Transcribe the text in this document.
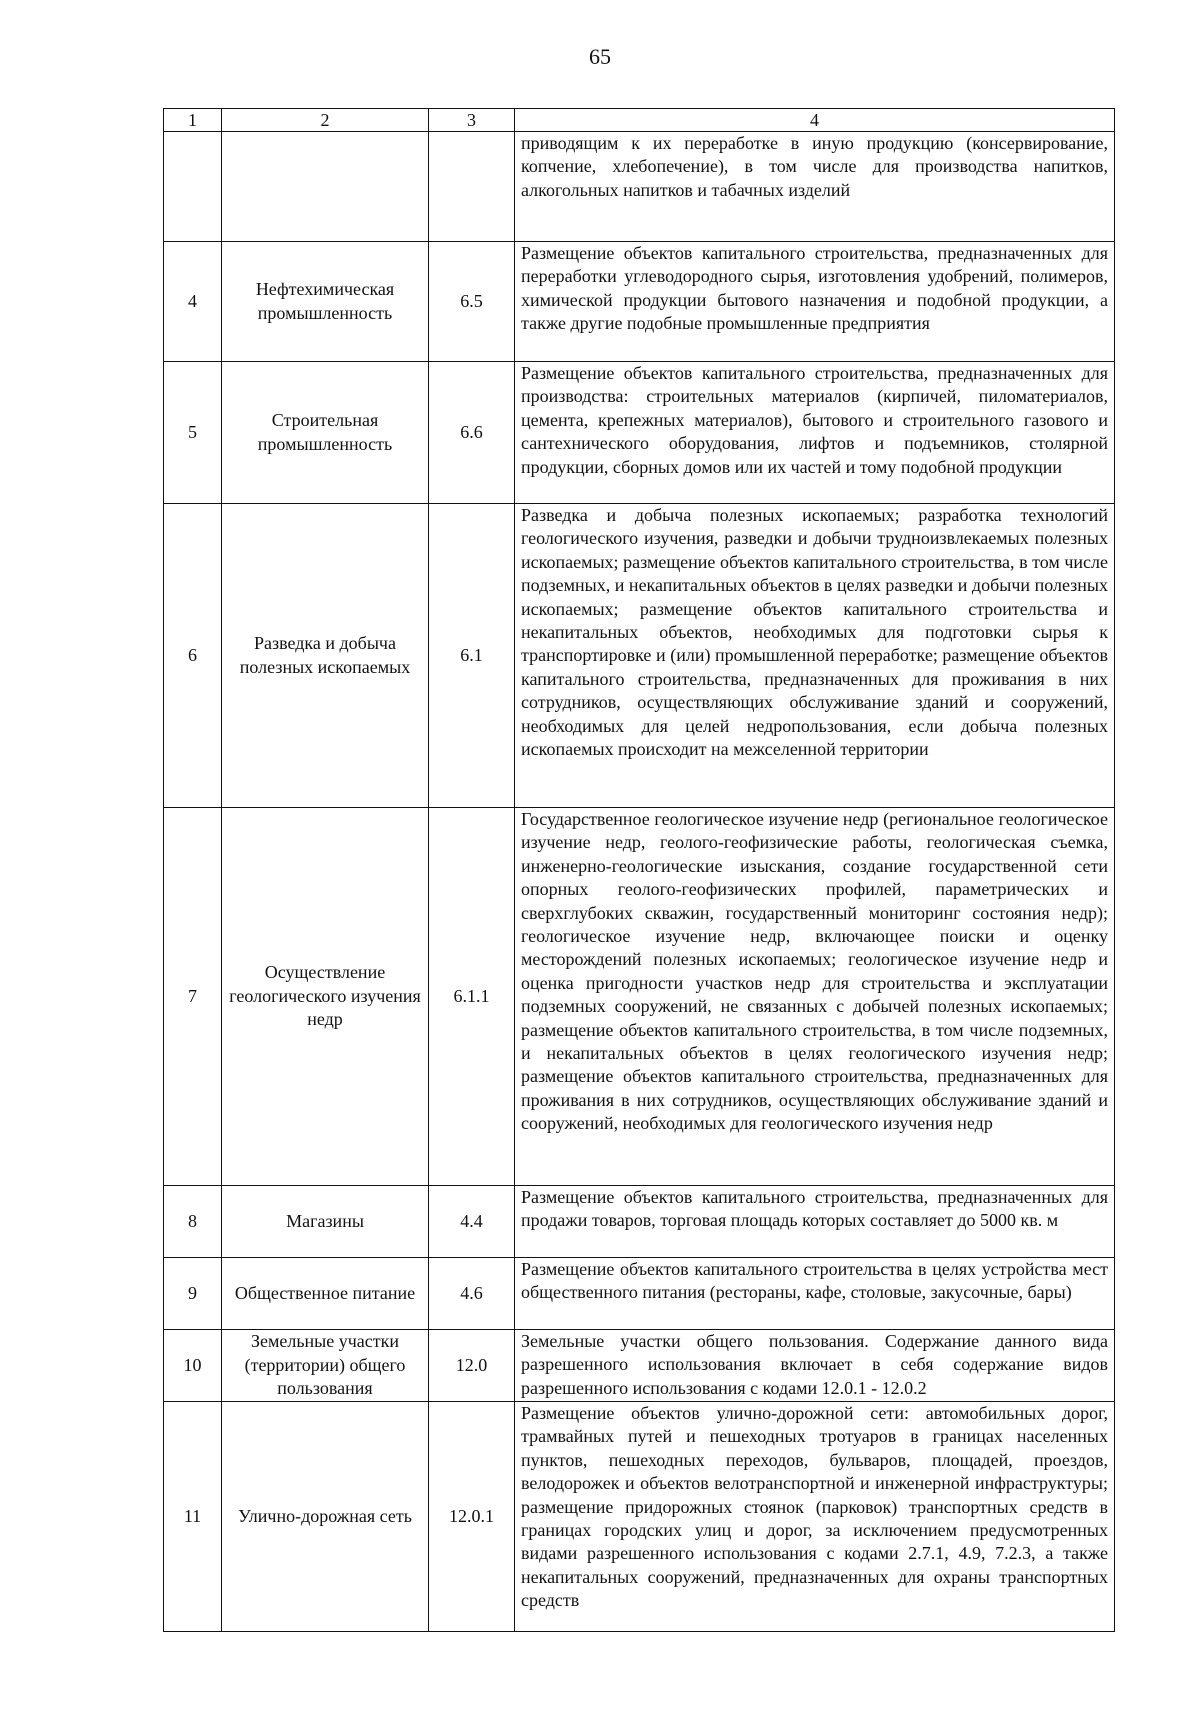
65
1	2	3	4
			приводящим к их переработке в иную продукцию (консервирование, копчение, хлебопечение), в том числе для производства напитков, алкогольных напитков и табачных изделий
4	Нефтехимическая промышленность	6.5	Размещение объектов капитального строительства, предназначенных для переработки углеводородного сырья, изготовления удобрений, полимеров, химической продукции бытового назначения и подобной продукции, а также другие подобные промышленные предприятия
5	Строительная промышленность	6.6	Размещение объектов капитального строительства, предназначенных для производства: строительных материалов (кирпичей, пиломатериалов, цемента, крепежных материалов), бытового и строительного газового и сантехнического оборудования, лифтов и подъемников, столярной продукции, сборных домов или их частей и тому подобной продукции
6	Разведка и добыча полезных ископаемых	6.1	Разведка и добыча полезных ископаемых; разработка технологий геологического изучения, разведки и добычи трудноизвлекаемых полезных ископаемых; размещение объектов капитального строительства, в том числе подземных, и некапитальных объектов в целях разведки и добычи полезных ископаемых; размещение объектов капитального строительства и некапитальных объектов, необходимых для подготовки сырья к транспортировке и (или) промышленной переработке; размещение объектов капитального строительства, предназначенных для проживания в них сотрудников, осуществляющих обслуживание зданий и сооружений, необходимых для целей недропользования, если добыча полезных ископаемых происходит на межселенной территории
7	Осуществление геологического изучения недр	6.1.1	Государственное геологическое изучение недр (региональное геологическое изучение недр, геолого-геофизические работы, геологическая съемка, инженерно-геологические изыскания, создание государственной сети опорных геолого-геофизических профилей, параметрических и сверхглубоких скважин, государственный мониторинг состояния недр); геологическое изучение недр, включающее поиски и оценку месторождений полезных ископаемых; геологическое изучение недр и оценка пригодности участков недр для строительства и эксплуатации подземных сооружений, не связанных с добычей полезных ископаемых; размещение объектов капитального строительства, в том числе подземных, и некапитальных объектов в целях геологического изучения недр; размещение объектов капитального строительства, предназначенных для проживания в них сотрудников, осуществляющих обслуживание зданий и сооружений, необходимых для геологического изучения недр
8	Магазины	4.4	Размещение объектов капитального строительства, предназначенных для продажи товаров, торговая площадь которых составляет до 5000 кв. м
9	Общественное питание	4.6	Размещение объектов капитального строительства в целях устройства мест общественного питания (рестораны, кафе, столовые, закусочные, бары)
10	Земельные участки (территории) общего пользования	12.0	Земельные участки общего пользования. Содержание данного вида разрешенного использования включает в себя содержание видов разрешенного использования с кодами 12.0.1 - 12.0.2
11	Улично-дорожная сеть	12.0.1	Размещение объектов улично-дорожной сети: автомобильных дорог, трамвайных путей и пешеходных тротуаров в границах населенных пунктов, пешеходных переходов, бульваров, площадей, проездов, велодорожек и объектов велотранспортной и инженерной инфраструктуры; размещение придорожных стоянок (парковок) транспортных средств в границах городских улиц и дорог, за исключением предусмотренных видами разрешенного использования с кодами 2.7.1, 4.9, 7.2.3, а также некапитальных сооружений, предназначенных для охраны транспортных средств
